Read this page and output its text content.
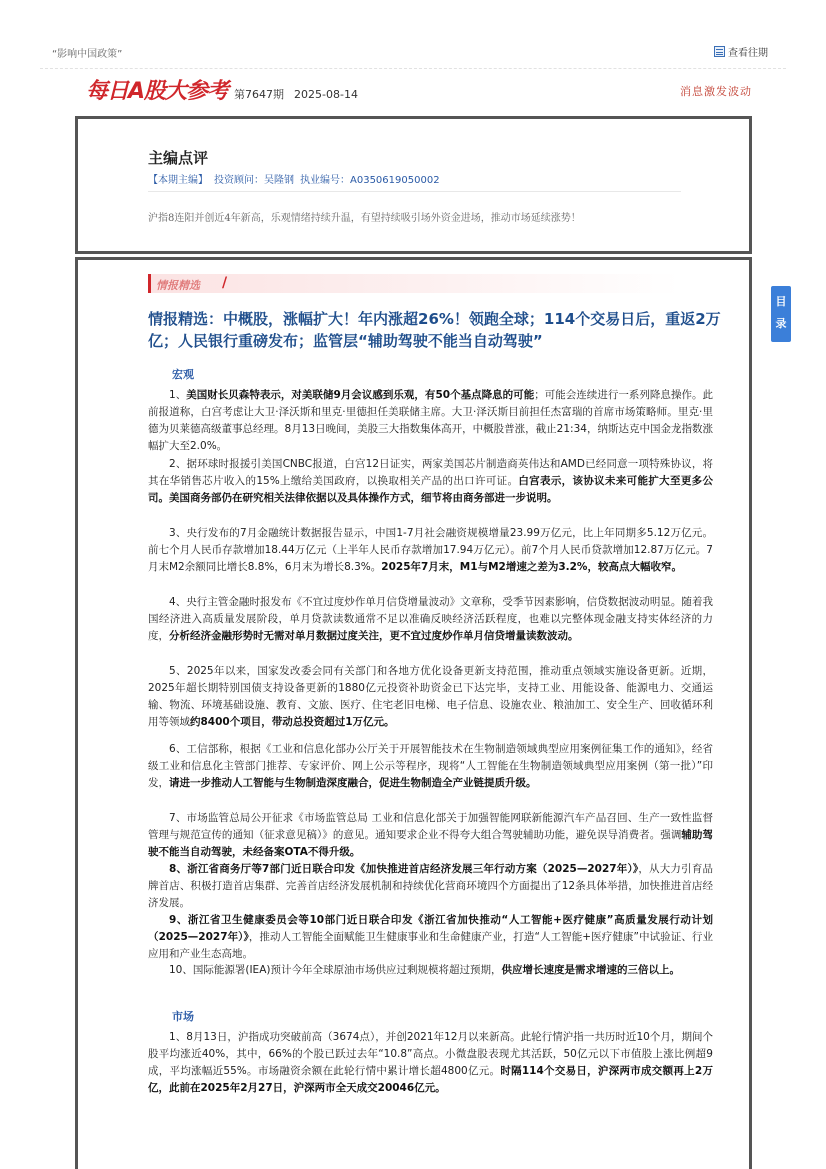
“影响中国政策”	查看往期
每日A股大参考 第7647期 2025-08-14	消息激发波动
主编点评
【本期主编】 投资顾问：吴隆钢 执业编号：A0350619050002
沪指8连阳并创近4年新高，乐观情绪持续升温，有望持续吸引场外资金进场，推动市场延续涨势！
情报精选 /
情报精选：中概股，涨幅扩大！年内涨超26%！领跑全球；114个交易日后，重返2万亿；人民银行重磅发布；监管层“辅助驾驶不能当自动驾驶”
宏观
1、美国财长贝森特表示，对美联储9月会议感到乐观，有50个基点降息的可能；可能会连续进行一系列降息操作。此前报道称，白宫考虑让大卫·泽沃斯和里克·里德担任美联储主席。大卫·泽沃斯目前担任杰富瑞的首席市场策略师。里克·里德为贝莱德高级董事总经理。8月13日晚间，美股三大指数集体高开，中概股普涨，截止21:34，纳斯达克中国金龙指数涨幅扩大至2.0%。
2、据环球时报援引美国CNBC报道，白宫12日证实，两家美国芯片制造商英伟达和AMD已经同意一项特殊协议，将其在华销售芯片收入的15%上缴给美国政府，以换取相关产品的出口许可证。白宫表示，该协议未来可能扩大至更多公司。美国商务部仍在研究相关法律依据以及具体操作方式，细节将由商务部进一步说明。
3、央行发布的7月金融统计数据报告显示，中国1-7月社会融资规模增量23.99万亿元，比上年同期多5.12万亿元。前七个月人民币存款增加18.44万亿元（上半年人民币存款增加17.94万亿元）。前7个月人民币贷款增加12.87万亿元。7月末M2余额同比增长8.8%，6月末为增长8.3%。2025年7月末，M1与M2增速之差为3.2%，较高点大幅收窄。
4、央行主管金融时报发布《不宜过度炒作单月信贷增量波动》文章称，受季节因素影响，信贷数据波动明显。随着我国经济进入高质量发展阶段，单月贷款读数通常不足以准确反映经济活跃程度，也难以完整体现金融支持实体经济的力度，分析经济金融形势时无需对单月数据过度关注，更不宜过度炒作单月信贷增量读数波动。
5、2025年以来，国家发改委会同有关部门和各地方优化设备更新支持范围，推动重点领域实施设备更新。近期，2025年超长期特别国债支持设备更新的1880亿元投资补助资金已下达完毕，支持工业、用能设备、能源电力、交通运输、物流、环境基础设施、教育、文旅、医疗、住宅老旧电梯、电子信息、设施农业、粮油加工、安全生产、回收循环利用等领域约8400个项目，带动总投资超过1万亿元。
6、工信部称，根据《工业和信息化部办公厅关于开展智能技术在生物制造领域典型应用案例征集工作的通知》，经省级工业和信息化主管部门推荐、专家评价、网上公示等程序，现将“人工智能在生物制造领域典型应用案例（第一批）”印发，请进一步推动人工智能与生物制造深度融合，促进生物制造全产业链提质升级。
7、市场监管总局公开征求《市场监管总局 工业和信息化部关于加强智能网联新能源汽车产品召回、生产一致性监督管理与规范宣传的通知（征求意见稿）》的意见。通知要求企业不得夸大组合驾驶辅助功能，避免误导消费者。强调辅助驾驶不能当自动驾驶，未经备案OTA不得升级。
8、浙江省商务厅等7部门近日联合印发《加快推进首店经济发展三年行动方案（2025—2027年）》，从大力引育品牌首店、积极打造首店集群、完善首店经济发展机制和持续优化营商环境四个方面提出了12条具体举措，加快推进首店经济发展。
9、浙江省卫生健康委员会等10部门近日联合印发《浙江省加快推动“人工智能+医疗健康”高质量发展行动计划（2025—2027年）》，推动人工智能全面赋能卫生健康事业和生命健康产业，打造“人工智能+医疗健康”中试验证、行业应用和产业生态高地。
10、国际能源署(IEA)预计今年全球原油市场供应过剩规模将超过预期，供应增长速度是需求增速的三倍以上。
市场
1、8月13日，沪指成功突破前高（3674点），并创2021年12月以来新高。此轮行情沪指一共历时近10个月，期间个股平均涨近40%，其中，66%的个股已跃过去年“10.8”高点。小微盘股表现尤其活跃，50亿元以下市值股上涨比例超9成，平均涨幅近55%。市场融资余额在此轮行情中累计增长超4800亿元。时隔114个交易日，沪深两市成交额再上2万亿，此前在2025年2月27日，沪深两市全天成交20046亿元。
目录
